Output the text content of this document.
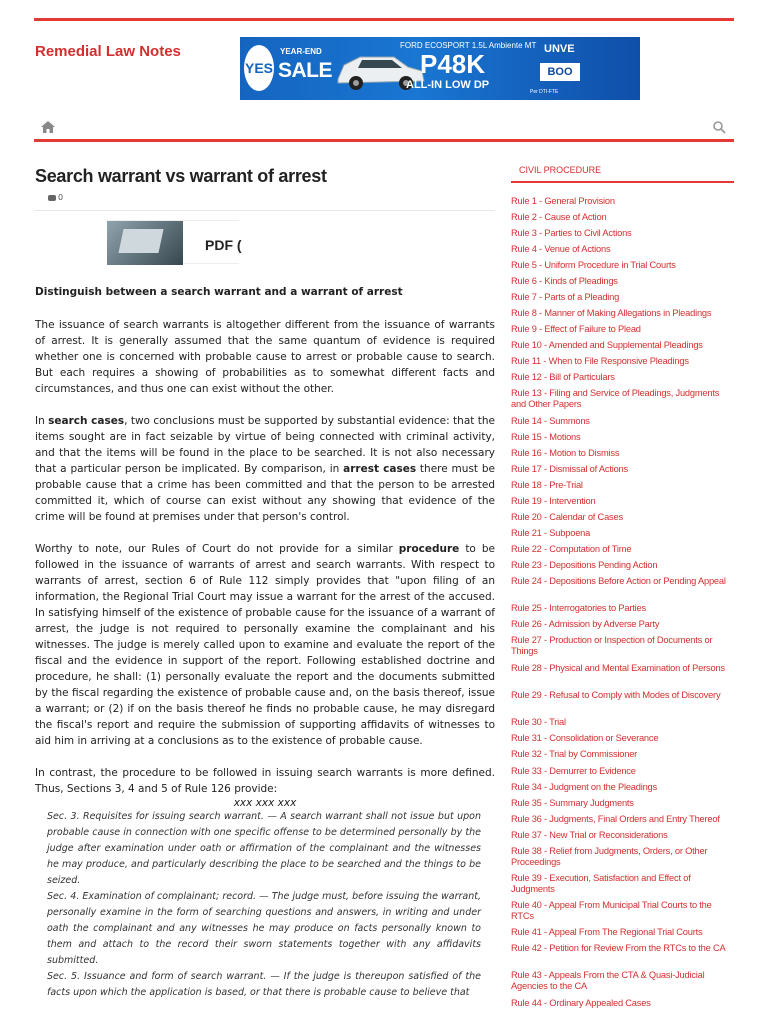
Remedial Law Notes
YES
YEAR-END
SALE
FORD ECOSPORT 1.5L Ambiente MT
P48K
ALL-IN LOW DP
UNVE
BOO
Per DTI-FTE
Search warrant vs warrant of arrest
0
PDF (

Distinguish between a search warrant and a warrant of arrest

The issuance of search warrants is altogether different from the issuance of warrants of arrest. It is generally assumed that the same quantum of evidence is required whether one is concerned with probable cause to arrest or probable cause to search. But each requires a showing of probabilities as to somewhat different facts and circumstances, and thus one can exist without the other.

In search cases, two conclusions must be supported by substantial evidence: that the items sought are in fact seizable by virtue of being connected with criminal activity, and that the items will be found in the place to be searched. It is not also necessary that a particular person be implicated. By comparison, in arrest cases there must be probable cause that a crime has been committed and that the person to be arrested committed it, which of course can exist without any showing that evidence of the crime will be found at premises under that person's control.

Worthy to note, our Rules of Court do not provide for a similar procedure to be followed in the issuance of warrants of arrest and search warrants. With respect to warrants of arrest, section 6 of Rule 112 simply provides that "upon filing of an information, the Regional Trial Court may issue a warrant for the arrest of the accused. In satisfying himself of the existence of probable cause for the issuance of a warrant of arrest, the judge is not required to personally examine the complainant and his witnesses. The judge is merely called upon to examine and evaluate the report of the fiscal and the evidence in support of the report. Following established doctrine and procedure, he shall: (1) personally evaluate the report and the documents submitted by the fiscal regarding the existence of probable cause and, on the basis thereof, issue a warrant; or (2) if on the basis thereof he finds no probable cause, he may disregard the fiscal's report and require the submission of supporting affidavits of witnesses to aid him in arriving at a conclusions as to the existence of probable cause.

In contrast, the procedure to be followed in issuing search warrants is more defined. Thus, Sections 3, 4 and 5 of Rule 126 provide:

xxx xxx xxx

Sec. 3. Requisites for issuing search warrant. — A search warrant shall not issue but upon probable cause in connection with one specific offense to be determined personally by the judge after examination under oath or affirmation of the complainant and the witnesses he may produce, and particularly describing the place to be searched and the things to be seized.
Sec. 4. Examination of complainant; record. — The judge must, before issuing the warrant, personally examine in the form of searching questions and answers, in writing and under oath the complainant and any witnesses he may produce on facts personally known to them and attach to the record their sworn statements together with any affidavits submitted.
Sec. 5. Issuance and form of search warrant. — If the judge is thereupon satisfied of the facts upon which the application is based, or that there is probable cause to believe that
CIVIL PROCEDURE
Rule 1 - General Provision
Rule 2 - Cause of Action
Rule 3 - Parties to Civil Actions
Rule 4 - Venue of Actions
Rule 5 - Uniform Procedure in Trial Courts
Rule 6 - Kinds of Pleadings
Rule 7 - Parts of a Pleading
Rule 8 - Manner of Making Allegations in Pleadings
Rule 9 - Effect of Failure to Plead
Rule 10 - Amended and Supplemental Pleadings
Rule 11 - When to File Responsive Pleadings
Rule 12 - Bill of Particulars
Rule 13 - Filing and Service of Pleadings, Judgments and Other Papers
Rule 14 - Summons
Rule 15 - Motions
Rule 16 - Motion to Dismiss
Rule 17 - Dismissal of Actions
Rule 18 - Pre-Trial
Rule 19 - Intervention
Rule 20 - Calendar of Cases
Rule 21 - Subpoena
Rule 22 - Computation of Time
Rule 23 - Depositions Pending Action
Rule 24 - Depositions Before Action or Pending Appeal
Rule 25 - Interrogatories to Parties
Rule 26 - Admission by Adverse Party
Rule 27 - Production or Inspection of Documents or Things
Rule 28 - Physical and Mental Examination of Persons
Rule 29 - Refusal to Comply with Modes of Discovery
Rule 30 - Trial
Rule 31 - Consolidation or Severance
Rule 32 - Trial by Commissioner
Rule 33 - Demurrer to Evidence
Rule 34 - Judgment on the Pleadings
Rule 35 - Summary Judgments
Rule 36 - Judgments, Final Orders and Entry Thereof
Rule 37 - New Trial or Reconsiderations
Rule 38 - Relief from Judgments, Orders, or Other Proceedings
Rule 39 - Execution, Satisfaction and Effect of Judgments
Rule 40 - Appeal From Municipal Trial Courts to the RTCs
Rule 41 - Appeal From The Regional Trial Courts
Rule 42 - Petition for Review From the RTCs to the CA
Rule 43 - Appeals From the CTA & Quasi-Judicial Agencies to the CA
Rule 44 - Ordinary Appealed Cases
